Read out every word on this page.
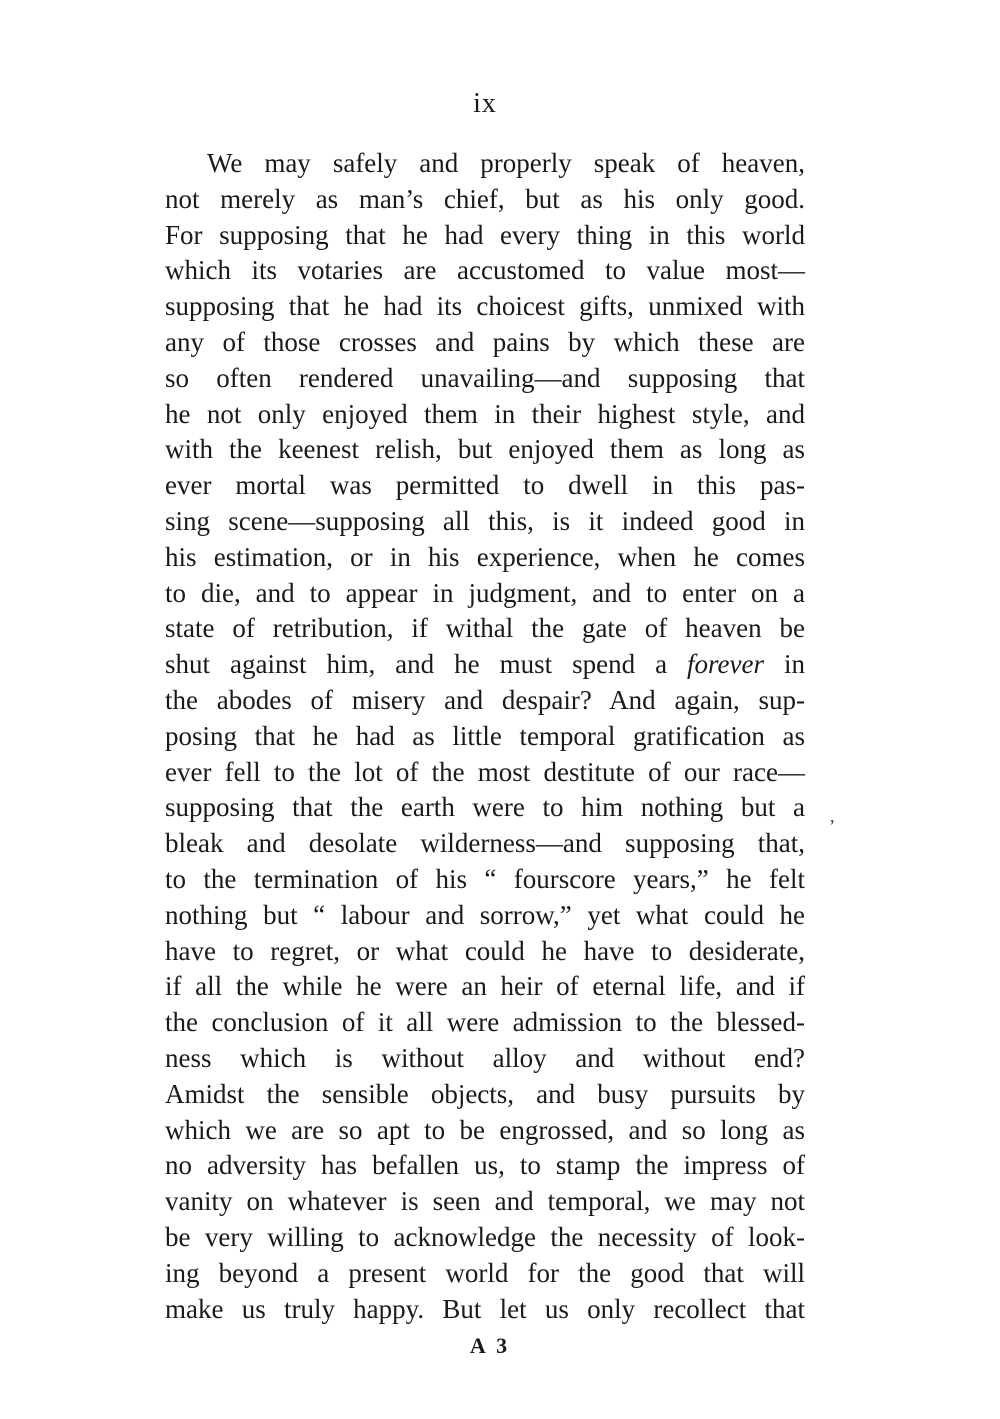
ix
We may safely and properly speak of heaven,
not merely as man’s chief, but as his only good.
For supposing that he had every thing in this world
which its votaries are accustomed to value most—
supposing that he had its choicest gifts, unmixed with
any of those crosses and pains by which these are
so often rendered unavailing—and supposing that
he not only enjoyed them in their highest style, and
with the keenest relish, but enjoyed them as long as
ever mortal was permitted to dwell in this pas-
sing scene—supposing all this, is it indeed good in
his estimation, or in his experience, when he comes
to die, and to appear in judgment, and to enter on a
state of retribution, if withal the gate of heaven be
shut against him, and he must spend a forever in
the abodes of misery and despair? And again, sup-
posing that he had as little temporal gratification as
ever fell to the lot of the most destitute of our race—
supposing that the earth were to him nothing but a
bleak and desolate wilderness—and supposing that,
to the termination of his “ fourscore years,” he felt
nothing but “ labour and sorrow,” yet what could he
have to regret, or what could he have to desiderate,
if all the while he were an heir of eternal life, and if
the conclusion of it all were admission to the blessed-
ness which is without alloy and without end?
Amidst the sensible objects, and busy pursuits by
which we are so apt to be engrossed, and so long as
no adversity has befallen us, to stamp the impress of
vanity on whatever is seen and temporal, we may not
be very willing to acknowledge the necessity of look-
ing beyond a present world for the good that will
make us truly happy. But let us only recollect that
,
A 3
